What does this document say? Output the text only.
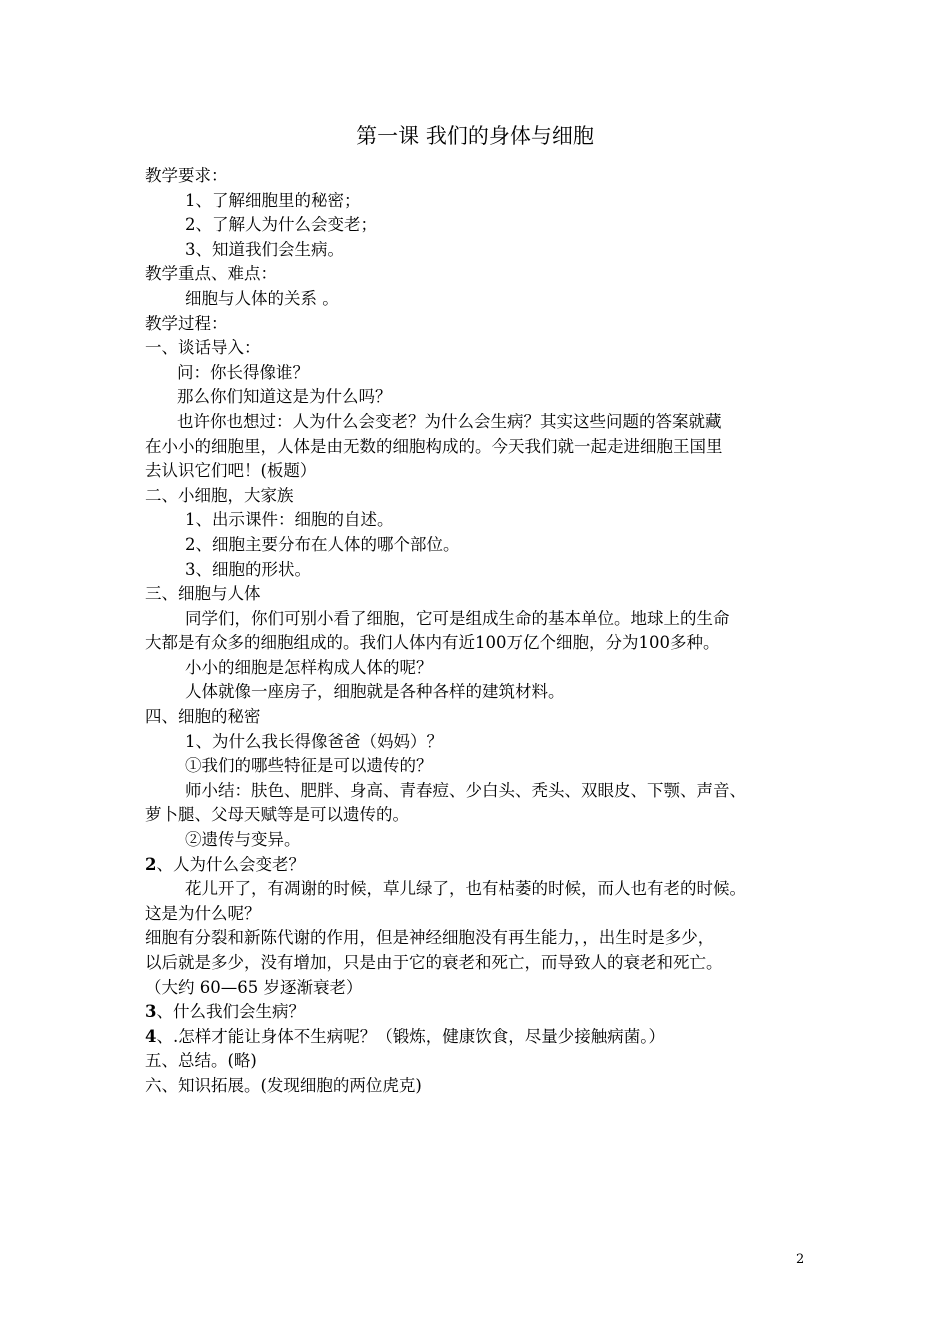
第一课 我们的身体与细胞
教学要求：
1、了解细胞里的秘密；
2、了解人为什么会变老；
3、知道我们会生病。
教学重点、难点：
细胞与人体的关系 。
教学过程：
一、谈话导入：
问：你长得像谁？
那么你们知道这是为什么吗？
也许你也想过：人为什么会变老？为什么会生病？其实这些问题的答案就藏
在小小的细胞里，人体是由无数的细胞构成的。今天我们就一起走进细胞王国里
去认识它们吧！(板题）
二、小细胞，大家族
1、出示课件：细胞的自述。
2、细胞主要分布在人体的哪个部位。
3、细胞的形状。
三、细胞与人体
同学们，你们可别小看了细胞，它可是组成生命的基本单位。地球上的生命
大都是有众多的细胞组成的。我们人体内有近100万亿个细胞，分为100多种。
小小的细胞是怎样构成人体的呢？
人体就像一座房子，细胞就是各种各样的建筑材料。
四、细胞的秘密
1、为什么我长得像爸爸（妈妈）？
①我们的哪些特征是可以遗传的？
师小结：肤色、肥胖、身高、青春痘、少白头、秃头、双眼皮、下颚、声音、
萝卜腿、父母天赋等是可以遗传的。
②遗传与变异。
2、人为什么会变老？
花儿开了，有凋谢的时候，草儿绿了，也有枯萎的时候，而人也有老的时候。
这是为什么呢？
细胞有分裂和新陈代谢的作用，但是神经细胞没有再生能力，，出生时是多少，
以后就是多少，没有增加，只是由于它的衰老和死亡，而导致人的衰老和死亡。
（大约 60—65 岁逐渐衰老）
3、什么我们会生病？
4、.怎样才能让身体不生病呢？（锻炼，健康饮食，尽量少接触病菌。）
五、总结。(略)
六、知识拓展。(发现细胞的两位虎克)
2
